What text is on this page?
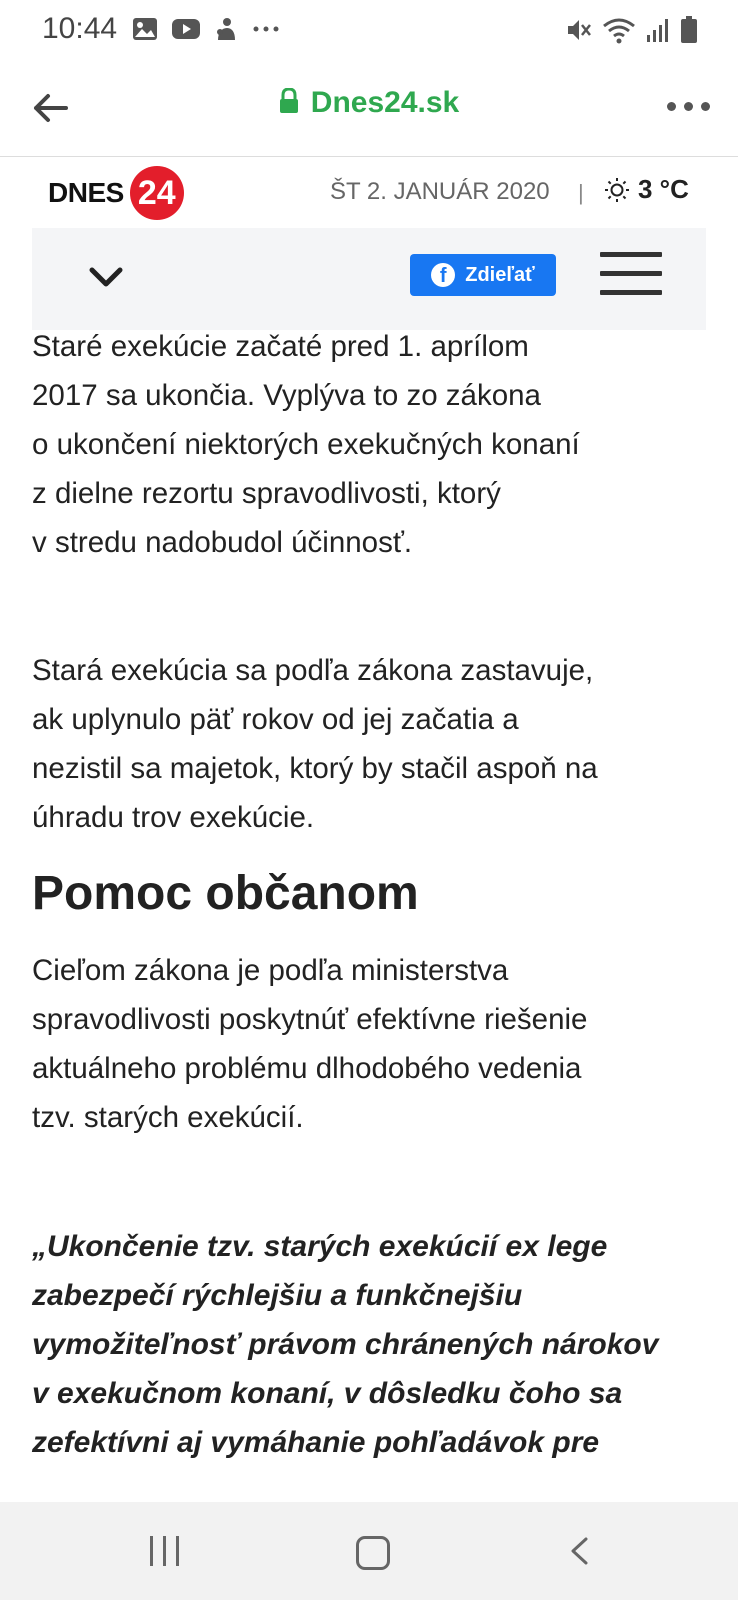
10:44
Dnes24.sk
DNES 24	ŠT 2. JANUÁR 2020 | 3 °C
f Zdieľať

Staré exekúcie začaté pred 1. aprílom
2017 sa ukončia. Vyplýva to zo zákona
o ukončení niektorých exekučných konaní
z dielne rezortu spravodlivosti, ktorý
v stredu nadobudol účinnosť.

Stará exekúcia sa podľa zákona zastavuje,
ak uplynulo päť rokov od jej začatia a
nezistil sa majetok, ktorý by stačil aspoň na
úhradu trov exekúcie.

Pomoc občanom

Cieľom zákona je podľa ministerstva
spravodlivosti poskytnúť efektívne riešenie
aktuálneho problému dlhodobého vedenia
tzv. starých exekúcií.

„Ukončenie tzv. starých exekúcií ex lege
zabezpečí rýchlejšiu a funkčnejšiu
vymožiteľnosť právom chránených nárokov
v exekučnom konaní, v dôsledku čoho sa
zefektívni aj vymáhanie pohľadávok pre
